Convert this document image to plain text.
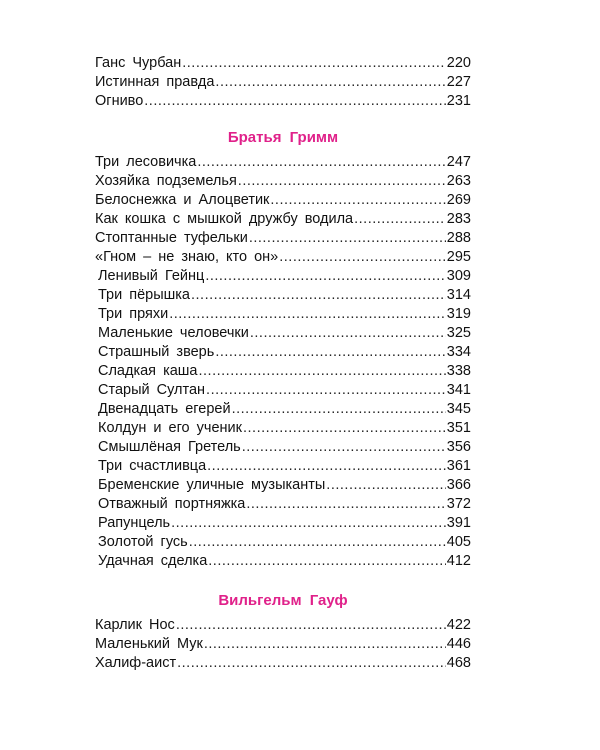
Ганс Чурбан .....	220
Истинная правда .....	227
Огниво .....	231
Братья Гримм
Три лесовичка .....	247
Хозяйка подземелья .....	263
Белоснежка и Алоцветик .....	269
Как кошка с мышкой дружбу водила .....	283
Стоптанные туфельки .....	288
«Гном – не знаю, кто он» .....	295
Ленивый Гейнц .....	309
Три пёрышка .....	314
Три пряхи .....	319
Маленькие человечки .....	325
Страшный зверь .....	334
Сладкая каша .....	338
Старый Султан .....	341
Двенадцать егерей .....	345
Колдун и его ученик .....	351
Смышлёная Гретель .....	356
Три счастливца .....	361
Бременские уличные музыканты .....	366
Отважный портняжка .....	372
Рапунцель .....	391
Золотой гусь .....	405
Удачная сделка .....	412
Вильгельм Гауф
Карлик Нос .....	422
Маленький Мук .....	446
Халиф-аист .....	468
